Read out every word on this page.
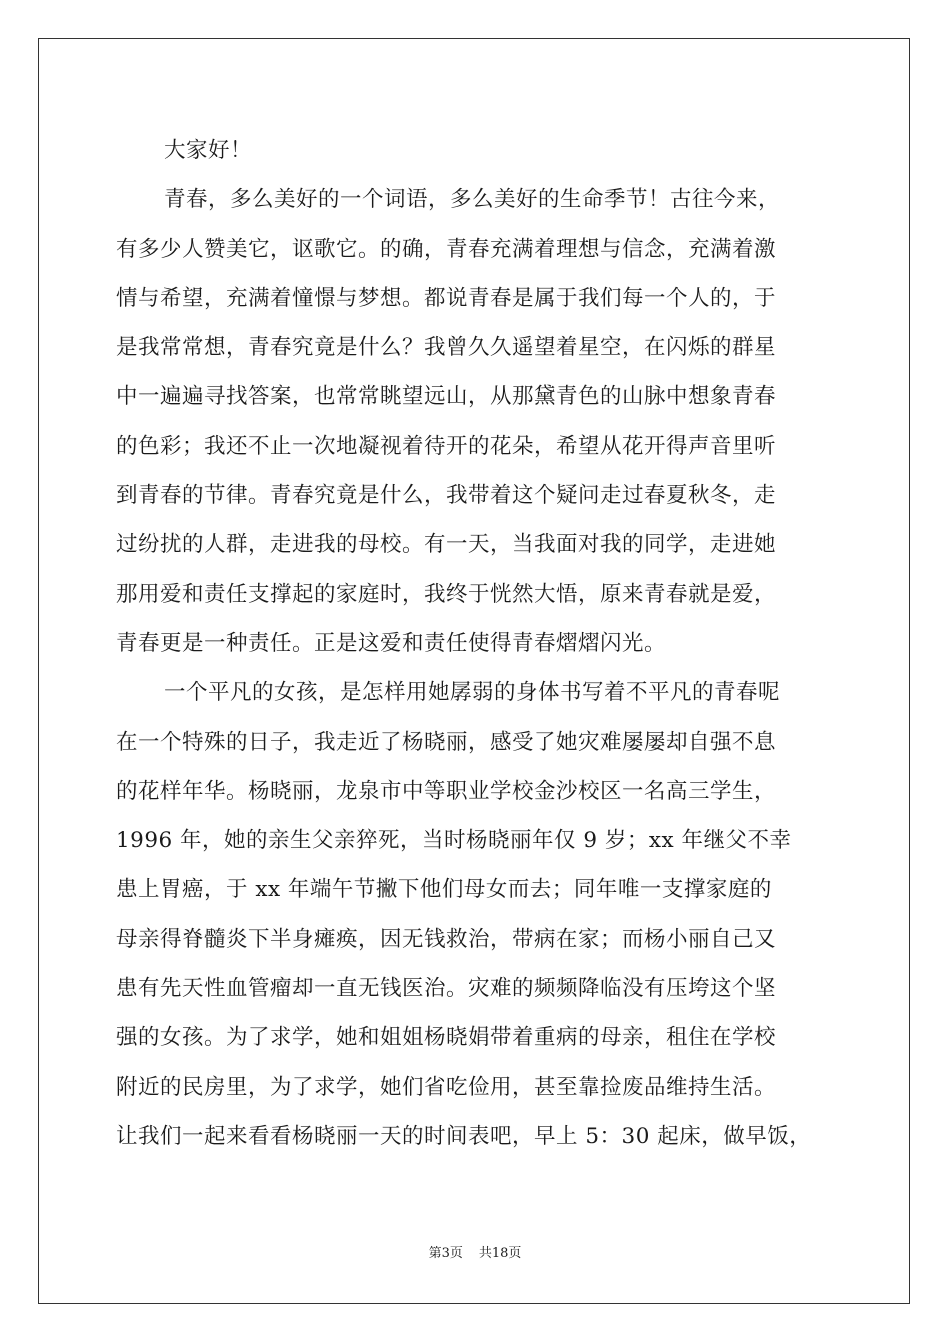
大家好！
青春，多么美好的一个词语，多么美好的生命季节！古往今来，
有多少人赞美它，讴歌它。的确，青春充满着理想与信念，充满着激
情与希望，充满着憧憬与梦想。都说青春是属于我们每一个人的，于
是我常常想，青春究竟是什么？我曾久久遥望着星空，在闪烁的群星
中一遍遍寻找答案，也常常眺望远山，从那黛青色的山脉中想象青春
的色彩；我还不止一次地凝视着待开的花朵，希望从花开得声音里听
到青春的节律。青春究竟是什么，我带着这个疑问走过春夏秋冬，走
过纷扰的人群，走进我的母校。有一天，当我面对我的同学，走进她
那用爱和责任支撑起的家庭时，我终于恍然大悟，原来青春就是爱，
青春更是一种责任。正是这爱和责任使得青春熠熠闪光。
一个平凡的女孩，是怎样用她孱弱的身体书写着不平凡的青春呢
在一个特殊的日子，我走近了杨晓丽，感受了她灾难屡屡却自强不息
的花样年华。杨晓丽，龙泉市中等职业学校金沙校区一名高三学生，
1996 年，她的亲生父亲猝死，当时杨晓丽年仅 9 岁；xx 年继父不幸
患上胃癌，于 xx 年端午节撇下他们母女而去；同年唯一支撑家庭的
母亲得脊髓炎下半身瘫痪，因无钱救治，带病在家；而杨小丽自己又
患有先天性血管瘤却一直无钱医治。灾难的频频降临没有压垮这个坚
强的女孩。为了求学，她和姐姐杨晓娟带着重病的母亲，租住在学校
附近的民房里，为了求学，她们省吃俭用，甚至靠捡废品维持生活。
让我们一起来看看杨晓丽一天的时间表吧，早上 5：30 起床，做早饭，
第3页 共18页
